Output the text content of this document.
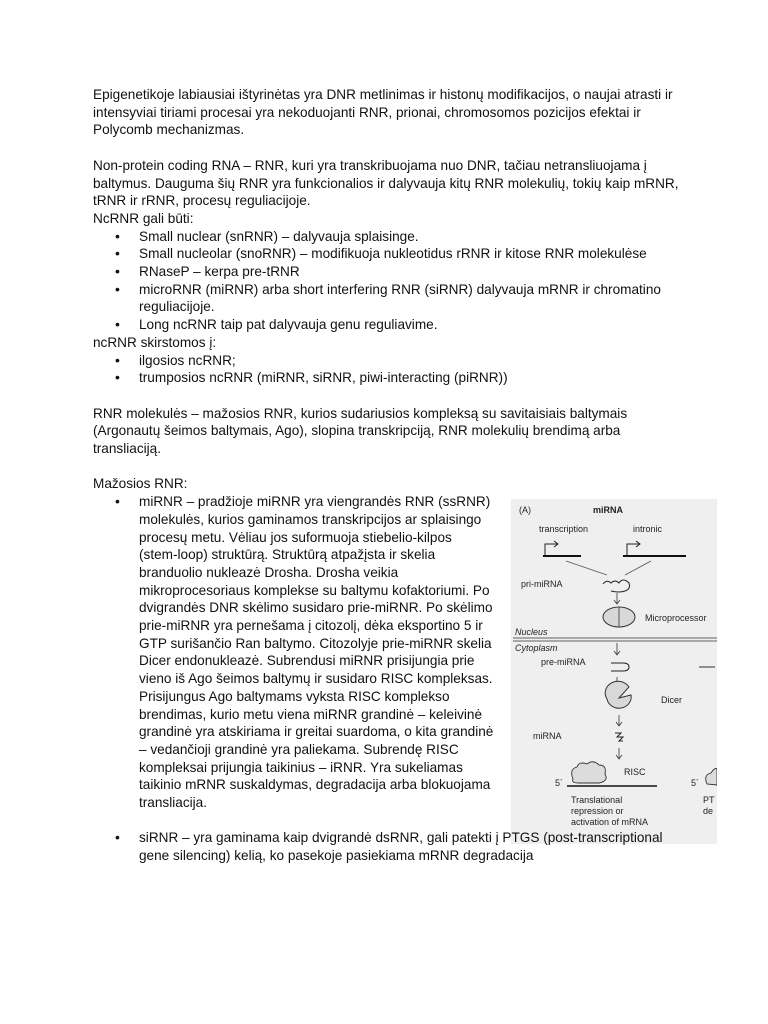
Epigenetikoje labiausiai ištyrinėtas yra DNR metlinimas ir histonų modifikacijos, o naujai atrasti ir intensyviai tiriami procesai yra nekoduojanti RNR, prionai, chromosomos pozicijos efektai ir Polycomb mechanizmas.

Non-protein coding RNA – RNR, kuri yra transkribuojama nuo DNR, tačiau netransliuojama į baltymus. Dauguma šių RNR yra funkcionalios ir dalyvauja kitų RNR molekulių, tokių kaip mRNR, tRNR ir rRNR, procesų reguliacijoje.

NcRNR gali būti:

• Small nuclear (snRNR) – dalyvauja splaisinge.
• Small nucleolar (snoRNR) – modifikuoja nukleotidus rRNR ir kitose RNR molekulėse
• RNaseP – kerpa pre-tRNR
• microRNR (miRNR) arba short interfering RNR (siRNR) dalyvauja mRNR ir chromatino reguliacijoje.
• Long ncRNR taip pat dalyvauja genu reguliavime.

ncRNR skirstomos į:

• ilgosios ncRNR;
• trumposios ncRNR (miRNR, siRNR, piwi-interacting (piRNR))

RNR molekulės – mažosios RNR, kurios sudariusios kompleksą su savitaisiais baltymais (Argonautų šeimos baltymais, Ago), slopina transkripciją, RNR molekulių brendimą arba transliaciją.

Mažosios RNR:

• miRNR – pradžioje miRNR yra viengrandės RNR (ssRNR) molekulės, kurios gaminamos transkripcijos ar splaisingo procesų metu. Vėliau jos suformuoja stiebelio-kilpos (stem-loop) struktūrą. Struktūrą atpažįsta ir skelia branduolio nukleazė Drosha. Drosha veikia mikroprocesoriaus komplekse su baltymu kofaktoriumi. Po dvigrandės DNR skėlimo susidaro prie-miRNR. Po skėlimo prie-miRNR yra pernešama į citozolį, dėka eksportino 5 ir GTP surišančio Ran baltymo. Citozolyje prie-miRNR skelia Dicer endonukleazė. Subrendusi miRNR prisijungia prie vieno iš Ago šeimos baltymų ir susidaro RISC kompleksas. Prisijungus Ago baltymams vyksta RISC komplekso brendimas, kurio metu viena miRNR grandinė – keleivinė grandinė yra atskiriama ir greitai suardoma, o kita grandinė – vedančioji grandinė yra paliekama. Subrendę RISC kompleksai prijungia taikinius – iRNR. Yra sukeliamas taikinio mRNR suskaldymas, degradacija arba blokuojama transliacija.
(A)	miRNA
transcription	intronic
pri-miRNA
Microprocessor
Nucleus
Cytoplasm
pre-miRNA
Dicer
miRNA
RISC
5´	5´
Translational
repression or
activation of mRNA
PT
de
• siRNR – yra gaminama kaip dvigrandė dsRNR, gali patekti į PTGS (post-transcriptional gene silencing) kelią, ko pasekoje pasiekiama mRNR degradacija
